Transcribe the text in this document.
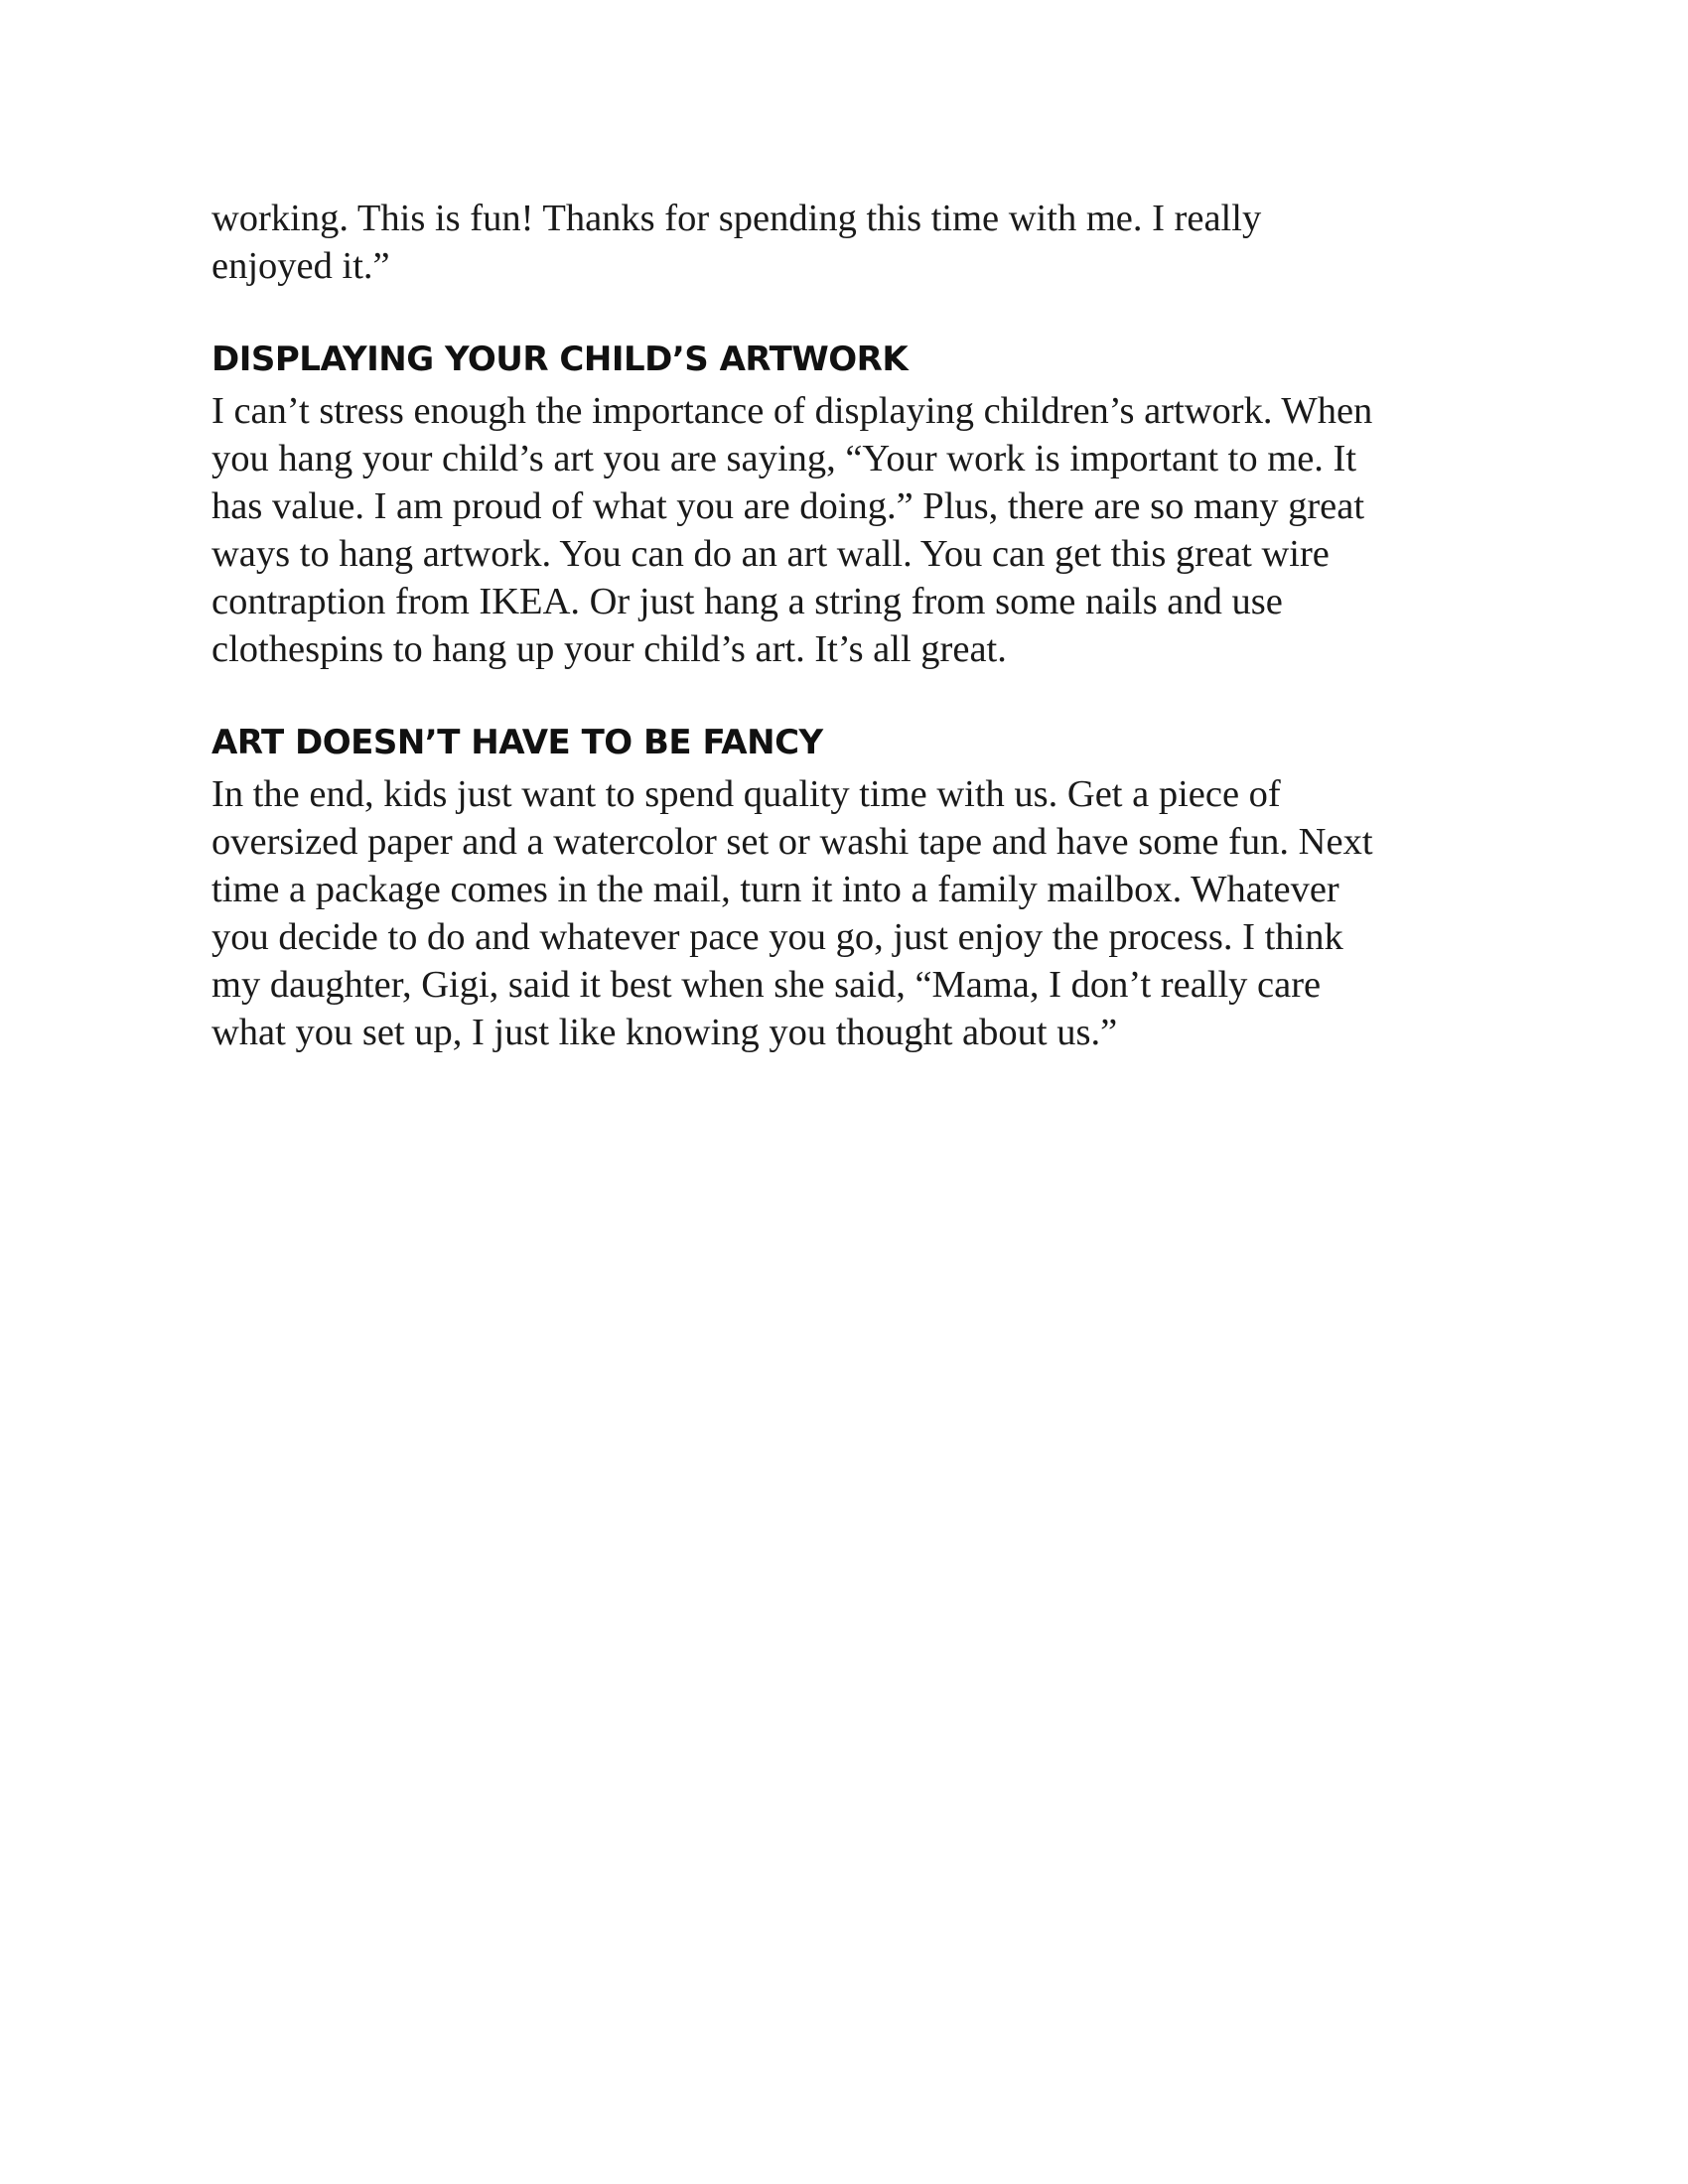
working. This is fun! Thanks for spending this time with me. I really
enjoyed it.”

DISPLAYING YOUR CHILD’S ARTWORK

I can’t stress enough the importance of displaying children’s artwork. When
you hang your child’s art you are saying, “Your work is important to me. It
has value. I am proud of what you are doing.” Plus, there are so many great
ways to hang artwork. You can do an art wall. You can get this great wire
contraption from IKEA. Or just hang a string from some nails and use
clothespins to hang up your child’s art. It’s all great.

ART DOESN’T HAVE TO BE FANCY

In the end, kids just want to spend quality time with us. Get a piece of
oversized paper and a watercolor set or washi tape and have some fun. Next
time a package comes in the mail, turn it into a family mailbox. Whatever
you decide to do and whatever pace you go, just enjoy the process. I think
my daughter, Gigi, said it best when she said, “Mama, I don’t really care
what you set up, I just like knowing you thought about us.”
